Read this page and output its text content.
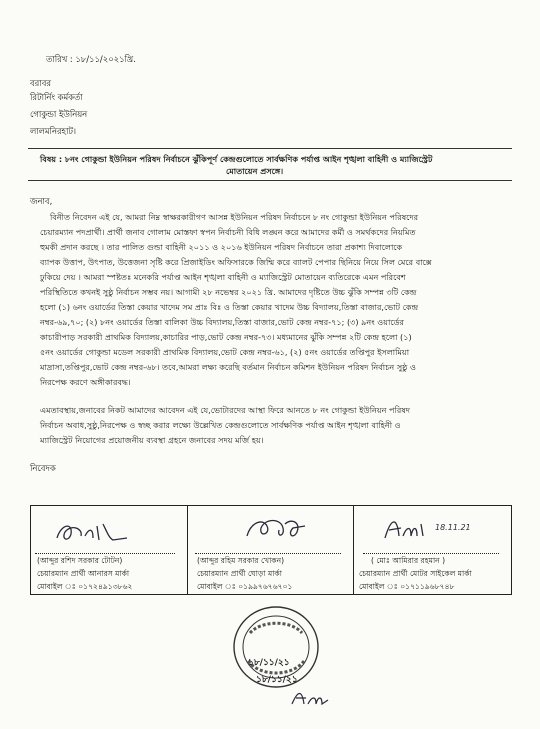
তারিখ : ১৮/১১/২০২১খ্রি.
বরাবর
রিটার্নিং কর্মকর্তা
গোকুন্ডা ইউনিয়ন
লালমনিরহাট।
বিষয় : ৮নং গোকুন্ডা ইউনিয়ন পরিষদ নির্বাচনে ঝুঁকিপূর্ণ কেন্দ্রগুলোতে সার্বক্ষণিক পর্যাপ্ত আইন শৃঙ্খলা বাহিনী ও ম্যাজিস্ট্রেট
মোতায়েন প্রসঙ্গে।
জনাব,
বিনীত নিবেদন এই যে, আমরা নিম্ন স্বাক্ষরকারীগণ আসন্ন ইউনিয়ন পরিষদ নির্বাচনে ৮ নং গোকুন্ডা ইউনিয়ন পরিষদের
চেয়ারম্যান পদপ্রার্থী। প্রার্থী জনাব গোলাম মোস্তফা স্বপন নির্বাচনী বিধি লঙ্ঘন করে আমাদের কর্মী ও সমর্থকদের নিয়মিত
হুমকী প্রদান করছে । তার পালিত গুন্ডা বাহিনী ২০১১ ও ২০১৬ ইউনিয়ন পরিষদ নির্বাচনে তারা প্রকাশ্য দিবালোকে
ব্যাপক উত্তাপ, উৎপাত, উত্তেজনা সৃষ্টি করে প্রিজাইডিং অফিসারকে জিম্মি করে ব্যালট পেপার ছিনিয়ে নিয়ে সিল মেরে বাক্সে
ঢুকিয়ে দেয় । আমরা স্পষ্টতঃ মনেকরি পর্যাপ্ত আইন শৃঙ্খলা বাহিনী ও ম্যাজিস্ট্রেট মোতায়েন ব্যতিরেকে এমন পরিবেশ
পরিস্থিতিতে কখনই সুষ্ঠু নির্বাচন সম্ভব নয়। আগামী ২৮ নভেম্বর ২০২১ খ্রি. আমাদের দৃষ্টিতে উচ্চ ঝুঁকি সম্পন্ন ৩টি কেন্দ্র
হলো (১) ৬নং ওয়ার্ডের তিস্তা কেয়ার খাদেম সম প্রাঃ বিঃ ও তিস্তা কেয়ার খাদেম উচ্চ বিদ্যালয়,তিস্তা বাজার,ভোট কেন্দ্র
নম্বর-৬৯,৭০; (২) ৮নং ওয়ার্ডের তিস্তা বালিকা উচ্চ বিদ্যালয়,তিস্তা বাজার,ভোট কেন্দ্র নম্বর-৭১; (৩) ৯নং ওয়ার্ডের
কাচারীপাড় সরকারী প্রাথমিক বিদ্যালয়,কাচারির পাড়,ভোট কেন্দ্র নম্বর-৭৩। মধ্যমানের ঝুঁকি সম্পন্ন ২টি কেন্দ্র হলো (১)
৫নং ওয়ার্ডের গোকুন্ডা মডেল সরকারী প্রাথমিক বিদ্যালয়,ভোট কেন্দ্র নম্বর-৬১, (২) ৫নং ওয়ার্ডের তপ্তিপুর ইসলামিয়া
মাদ্রাসা,তপ্তিপুর,ভোট কেন্দ্র নম্বর-৬৮। তবে,আমরা লক্ষ্য করেছি বর্তমান নির্বাচন কমিশন ইউনিয়ন পরিষদ নির্বাচন সুষ্ঠু ও
নিরপেক্ষ করণে অঙ্গীকারবদ্ধ।
এমতাবস্থায়,জনাবের নিকট আমাদের আবেদন এই যে,ভোটারদের আস্থা ফিরে আনতে ৮ নং গোকুন্ডা ইউনিয়ন পরিষদ
নির্বাচন অবাধ,সুষ্ঠু,নিরপেক্ষ ও স্বচ্ছ করার লক্ষ্যে উল্লেখিত কেন্দ্রগুলোতে সার্বক্ষণিক পর্যাপ্ত আইন শৃঙ্খলা বাহিনী ও
ম্যাজিস্ট্রেট নিয়োগের প্রয়োজনীয় ব্যবস্থা গ্রহনে জনাবের সদয় মর্জি হয়।
নিবেদক
(আব্দুর রশিদ সরকার টোটন)
চেয়ারম্যান প্রার্থী আনারস মার্কা
মোবাইল ঃ ০১৭২৪৯১৩৮৬২
(আব্দুর রহিম সরকার খোকন)
চেয়ারম্যান প্রার্থী ঘোড়া মার্কা
মোবাইল ঃ ০১৯৯৭৬৭৬৭০১
18.11.21
( মোঃ আমিরার রহমান )
চেয়ারম্যান প্রার্থী মোটর সাইকেল মার্কা
মোবাইল ঃ ০১৭১১৯৬৮৭৪৮
১৮/১১/২১
১৮/১১/২১
